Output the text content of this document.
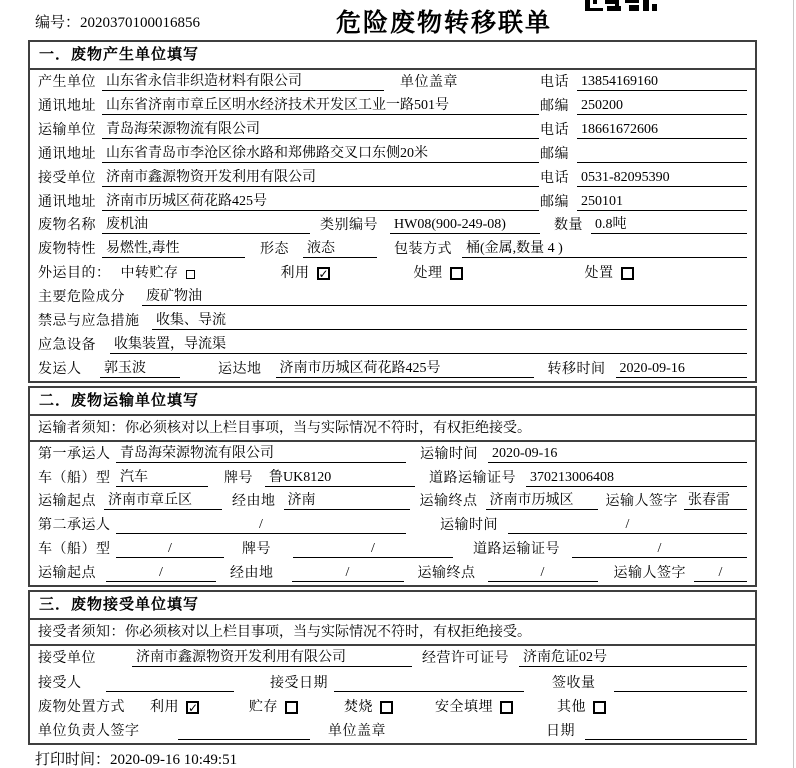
编号：2020370100016856	危险废物转移联单
一．废物产生单位填写
产生单位 山东省永信非织造材料有限公司	单位盖章	电话 13854169160
通讯地址 山东省济南市章丘区明水经济技术开发区工业一路501号	邮编 250200
运输单位 青岛海荣源物流有限公司	电话 18661672606
通讯地址 山东省青岛市李沧区徐水路和郑佛路交叉口东侧20米	邮编
接受单位 济南市鑫源物资开发利用有限公司	电话 0531-82095390
通讯地址 济南市历城区荷花路425号	邮编 250101
废物名称 废机油	类别编号 HW08(900-249-08)	数量 0.8吨
废物特性 易燃性,毒性	形态 液态	包装方式 桶(金属,数量 4 )
外运目的： 中转贮存	利用 ✓	处理	处置
主要危险成分	废矿物油
禁忌与应急措施	收集、导流
应急设备	收集装置，导流渠
发运人	郭玉波	运达地 济南市历城区荷花路425号	转移时间 2020-09-16
二．废物运输单位填写
运输者须知： 你必须核对以上栏目事项，当与实际情况不符时，有权拒绝接受。
第一承运人 青岛海荣源物流有限公司	运输时间 2020-09-16
车（船）型 汽车	牌号 鲁UK8120	道路运输证号 370213006408
运输起点 济南市章丘区	经由地 济南	运输终点 济南市历城区	运输人签字 张春雷
第二承运人	/	运输时间	/
车（船）型	/	牌号	/	道路运输证号	/
运输起点	/	经由地	/	运输终点	/	运输人签字	/
三．废物接受单位填写
接受者须知： 你必须核对以上栏目事项，当与实际情况不符时，有权拒绝接受。
接受单位	济南市鑫源物资开发利用有限公司	经营许可证号 济南危证02号
接受人	接受日期	签收量
废物处置方式	利用 ✓	贮存	焚烧	安全填埋	其他
单位负责人签字	单位盖章	日期
打印时间：2020-09-16 10:49:51
